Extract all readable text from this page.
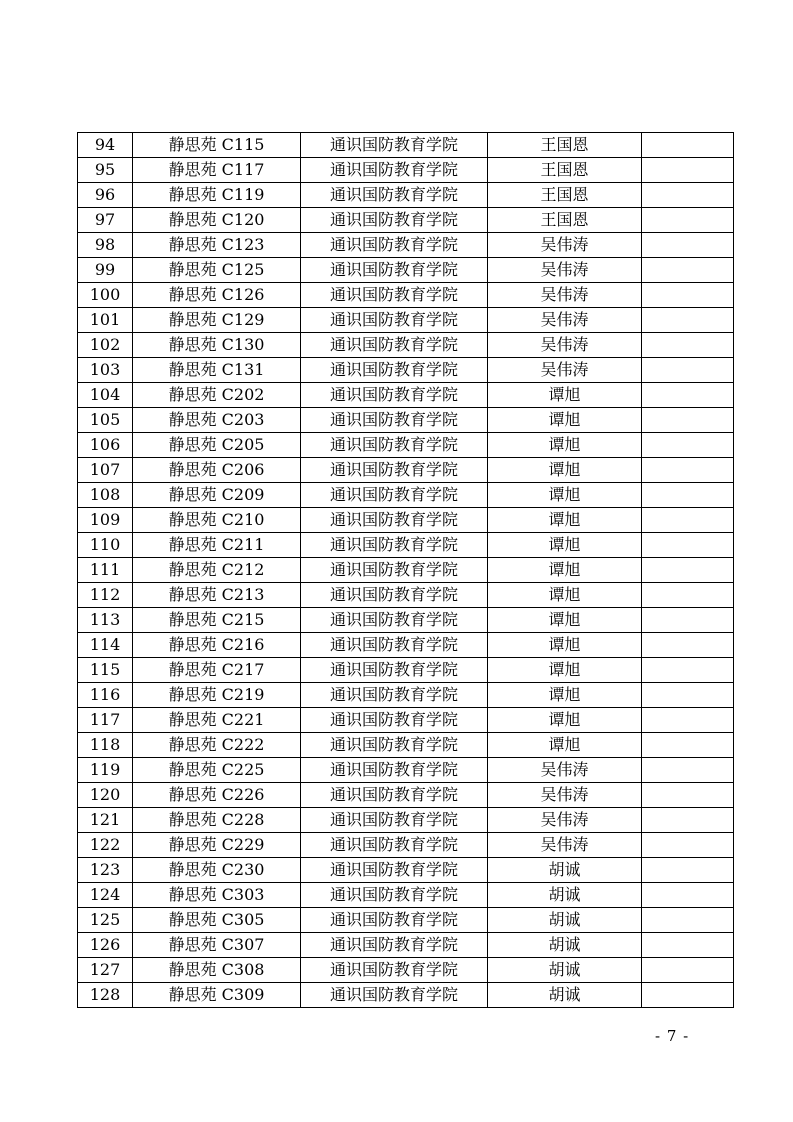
94	静思苑 C115	通识国防教育学院	王国恩	
95	静思苑 C117	通识国防教育学院	王国恩	
96	静思苑 C119	通识国防教育学院	王国恩	
97	静思苑 C120	通识国防教育学院	王国恩	
98	静思苑 C123	通识国防教育学院	吴伟涛	
99	静思苑 C125	通识国防教育学院	吴伟涛	
100	静思苑 C126	通识国防教育学院	吴伟涛	
101	静思苑 C129	通识国防教育学院	吴伟涛	
102	静思苑 C130	通识国防教育学院	吴伟涛	
103	静思苑 C131	通识国防教育学院	吴伟涛	
104	静思苑 C202	通识国防教育学院	谭旭	
105	静思苑 C203	通识国防教育学院	谭旭	
106	静思苑 C205	通识国防教育学院	谭旭	
107	静思苑 C206	通识国防教育学院	谭旭	
108	静思苑 C209	通识国防教育学院	谭旭	
109	静思苑 C210	通识国防教育学院	谭旭	
110	静思苑 C211	通识国防教育学院	谭旭	
111	静思苑 C212	通识国防教育学院	谭旭	
112	静思苑 C213	通识国防教育学院	谭旭	
113	静思苑 C215	通识国防教育学院	谭旭	
114	静思苑 C216	通识国防教育学院	谭旭	
115	静思苑 C217	通识国防教育学院	谭旭	
116	静思苑 C219	通识国防教育学院	谭旭	
117	静思苑 C221	通识国防教育学院	谭旭	
118	静思苑 C222	通识国防教育学院	谭旭	
119	静思苑 C225	通识国防教育学院	吴伟涛	
120	静思苑 C226	通识国防教育学院	吴伟涛	
121	静思苑 C228	通识国防教育学院	吴伟涛	
122	静思苑 C229	通识国防教育学院	吴伟涛	
123	静思苑 C230	通识国防教育学院	胡诚	
124	静思苑 C303	通识国防教育学院	胡诚	
125	静思苑 C305	通识国防教育学院	胡诚	
126	静思苑 C307	通识国防教育学院	胡诚	
127	静思苑 C308	通识国防教育学院	胡诚	
128	静思苑 C309	通识国防教育学院	胡诚	
- 7 -
